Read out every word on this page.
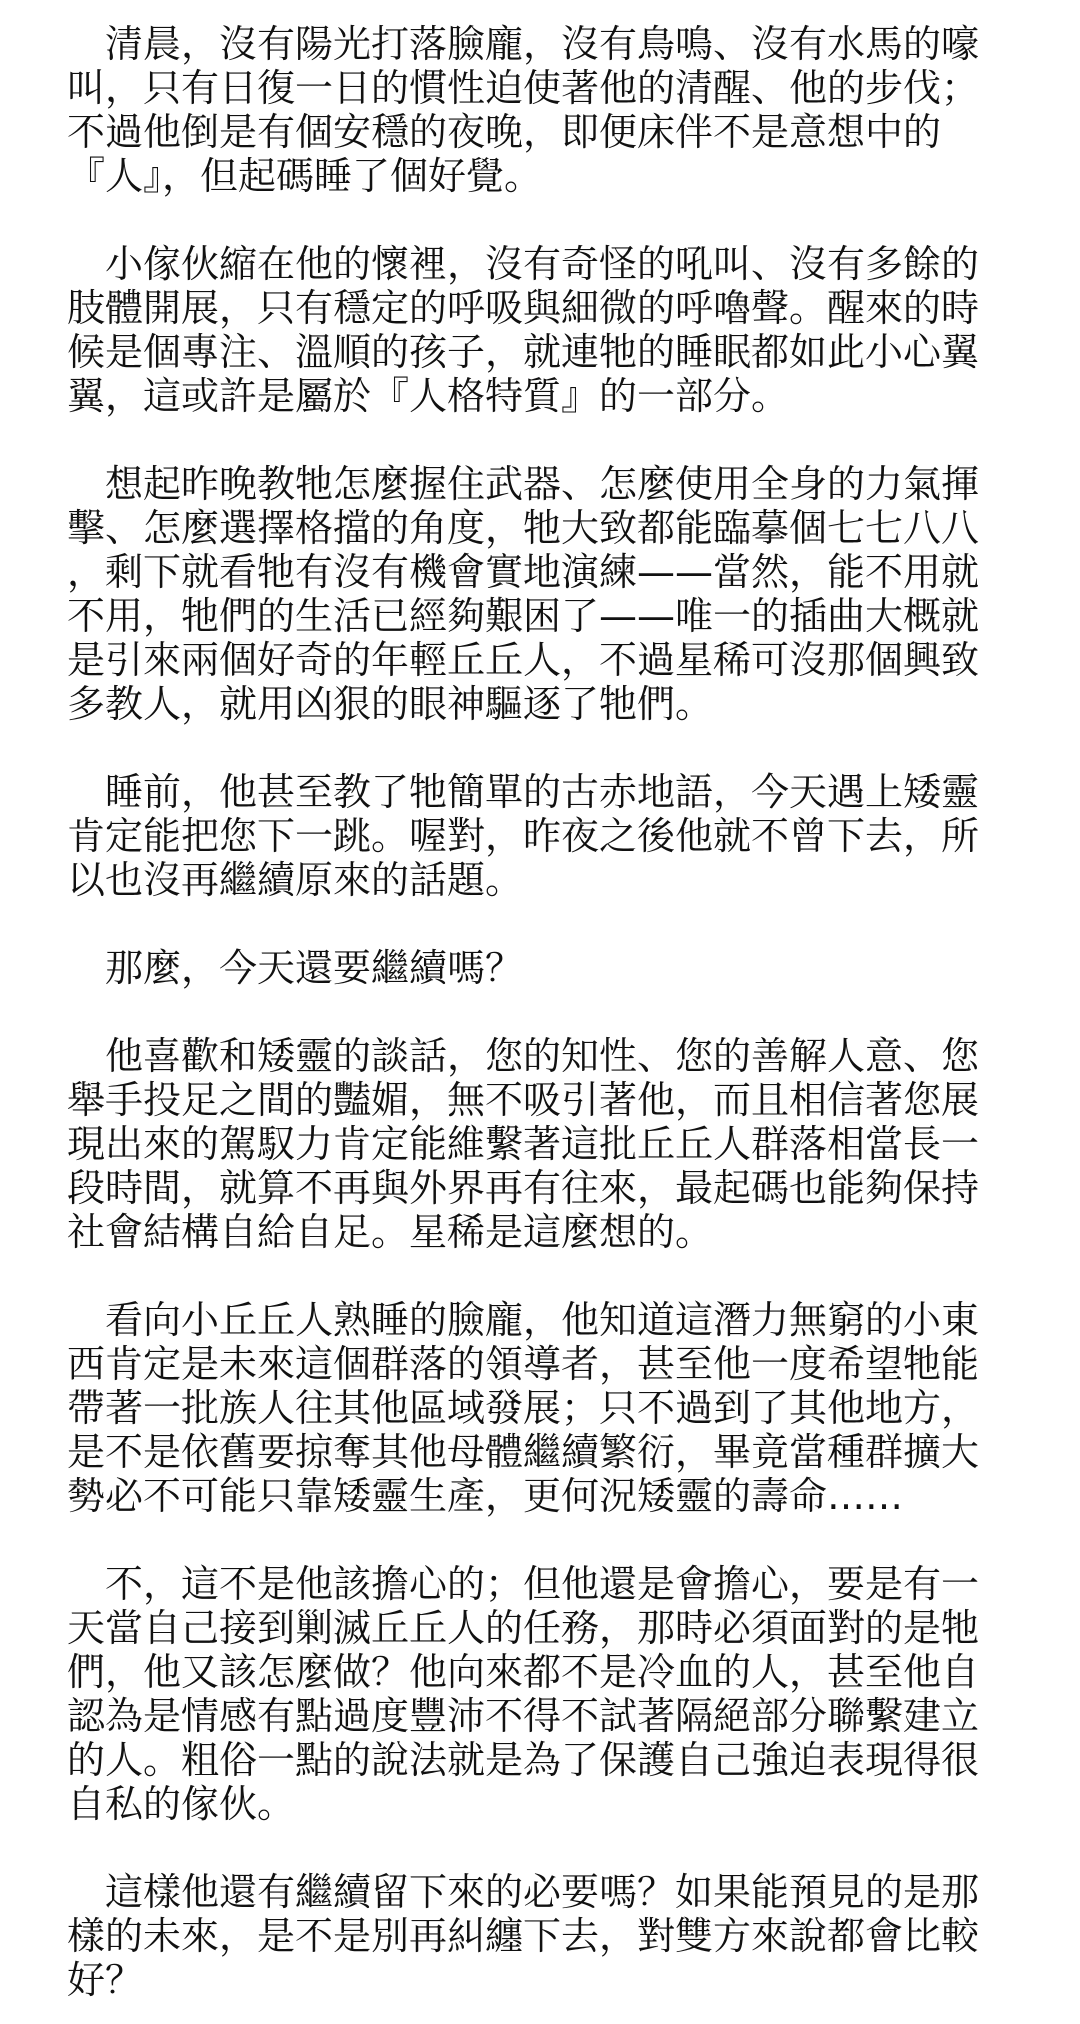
　清晨，沒有陽光打落臉龐，沒有鳥鳴、沒有水馬的嚎
叫，只有日復一日的慣性迫使著他的清醒、他的步伐；
不過他倒是有個安穩的夜晚，即便床伴不是意想中的
『人』，但起碼睡了個好覺。

　小傢伙縮在他的懷裡，沒有奇怪的吼叫、沒有多餘的
肢體開展，只有穩定的呼吸與細微的呼嚕聲。醒來的時
候是個專注、溫順的孩子，就連牠的睡眠都如此小心翼
翼，這或許是屬於『人格特質』的一部分。

　想起昨晚教牠怎麼握住武器、怎麼使用全身的力氣揮
擊、怎麼選擇格擋的角度，牠大致都能臨摹個七七八八
，剩下就看牠有沒有機會實地演練——當然，能不用就
不用，牠們的生活已經夠艱困了——唯一的插曲大概就
是引來兩個好奇的年輕丘丘人，不過星稀可沒那個興致
多教人，就用凶狠的眼神驅逐了牠們。

　睡前，他甚至教了牠簡單的古赤地語，今天遇上矮靈
肯定能把您下一跳。喔對，昨夜之後他就不曾下去，所
以也沒再繼續原來的話題。

　那麼，今天還要繼續嗎？

　他喜歡和矮靈的談話，您的知性、您的善解人意、您
舉手投足之間的豔媚，無不吸引著他，而且相信著您展
現出來的駕馭力肯定能維繫著這批丘丘人群落相當長一
段時間，就算不再與外界再有往來，最起碼也能夠保持
社會結構自給自足。星稀是這麼想的。

　看向小丘丘人熟睡的臉龐，他知道這潛力無窮的小東
西肯定是未來這個群落的領導者，甚至他一度希望牠能
帶著一批族人往其他區域發展；只不過到了其他地方，
是不是依舊要掠奪其他母體繼續繁衍，畢竟當種群擴大
勢必不可能只靠矮靈生產，更何況矮靈的壽命……

　不，這不是他該擔心的；但他還是會擔心，要是有一
天當自己接到剿滅丘丘人的任務，那時必須面對的是牠
們，他又該怎麼做？他向來都不是冷血的人，甚至他自
認為是情感有點過度豐沛不得不試著隔絕部分聯繫建立
的人。粗俗一點的說法就是為了保護自己強迫表現得很
自私的傢伙。

　這樣他還有繼續留下來的必要嗎？如果能預見的是那
樣的未來，是不是別再糾纏下去，對雙方來說都會比較
好？
